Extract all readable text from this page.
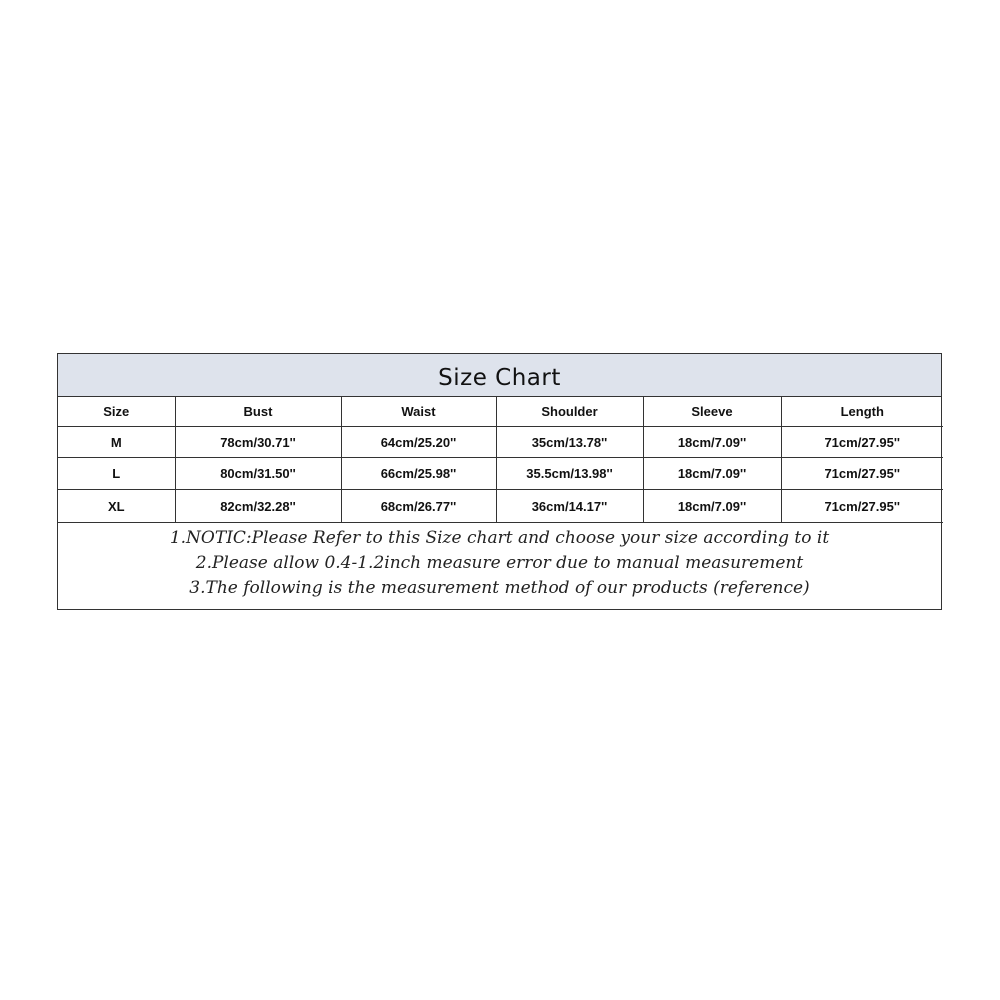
Size Chart
Size	Bust	Waist	Shoulder	Sleeve	Length
M	78cm/30.71''	64cm/25.20''	35cm/13.78''	18cm/7.09''	71cm/27.95''
L	80cm/31.50''	66cm/25.98''	35.5cm/13.98''	18cm/7.09''	71cm/27.95''
XL	82cm/32.28''	68cm/26.77''	36cm/14.17''	18cm/7.09''	71cm/27.95''
1.NOTIC:Please Refer to this Size chart and choose your size according to it
2.Please allow 0.4-1.2inch measure error due to manual measurement
3.The following is the measurement method of our products (reference)
